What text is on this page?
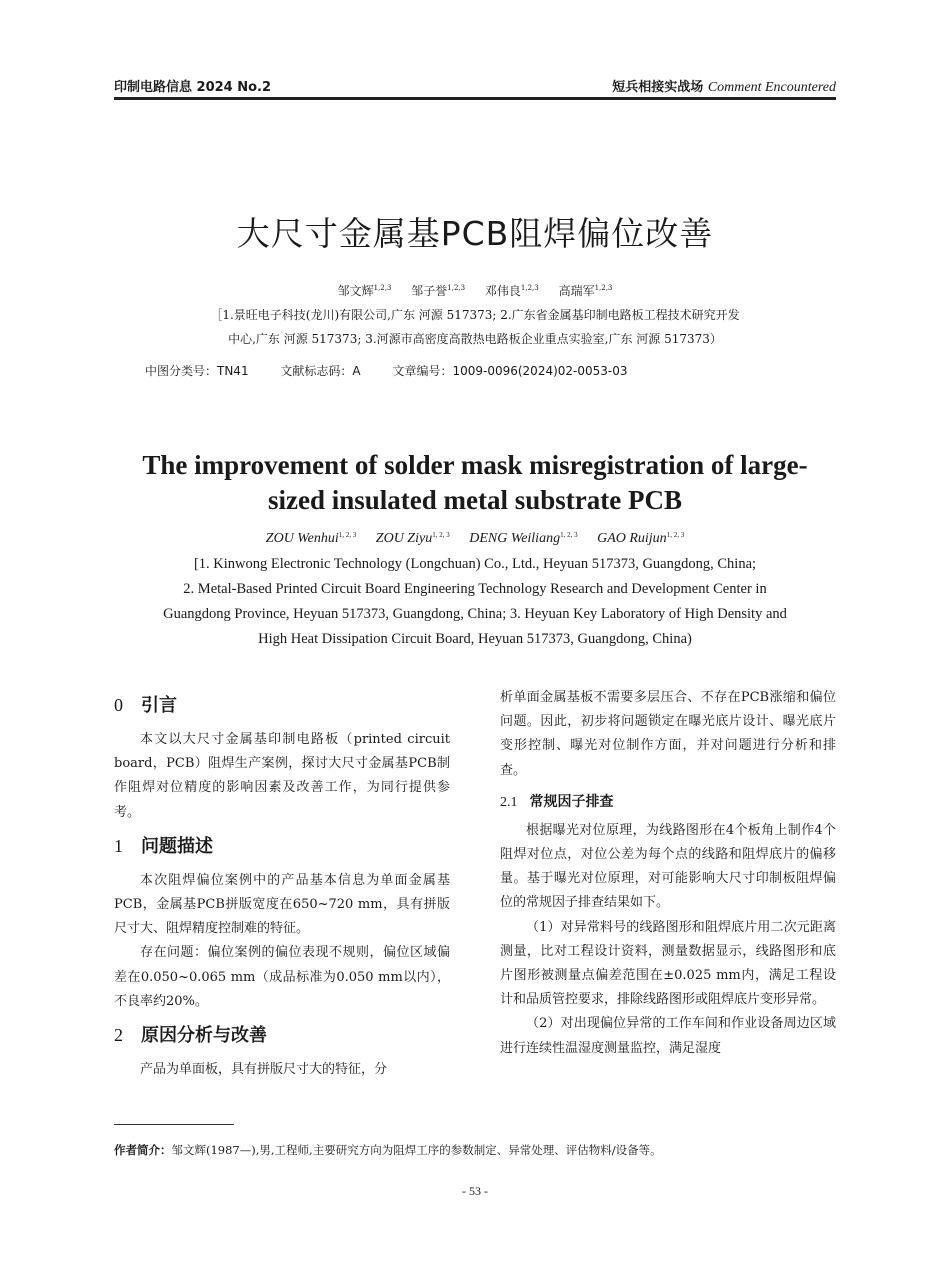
印制电路信息 2024 No.2	短兵相接实战场 Comment Encountered
大尺寸金属基PCB阻焊偏位改善
邹文辉$^{1,2,3}$ 邹子誉$^{1,2,3}$ 邓伟良$^{1,2,3}$ 高瑞军$^{1,2,3}$
［1.景旺电子科技(龙川)有限公司,广东 河源 517373; 2.广东省金属基印制电路板工程技术研究开发
中心,广东 河源 517373; 3.河源市高密度高散热电路板企业重点实验室,广东 河源 517373）
中图分类号：TN41	文献标志码：A	文章编号：1009-0096(2024)02-0053-03
The improvement of solder mask misregistration of large-
sized insulated metal substrate PCB
ZOU Wenhui$^{1, 2, 3}$ ZOU Ziyu$^{1, 2, 3}$ DENG Weiliang$^{1, 2, 3}$ GAO Ruijun$^{1, 2, 3}$
[1. Kinwong Electronic Technology (Longchuan) Co., Ltd., Heyuan 517373, Guangdong, China;
2. Metal-Based Printed Circuit Board Engineering Technology Research and Development Center in
Guangdong Province, Heyuan 517373, Guangdong, China; 3. Heyuan Key Laboratory of High Density and
High Heat Dissipation Circuit Board, Heyuan 517373, Guangdong, China)
0 引言

本文以大尺寸金属基印制电路板（printed circuit board，PCB）阻焊生产案例，探讨大尺寸金属基PCB制作阻焊对位精度的影响因素及改善工作，为同行提供参考。

1 问题描述

本次阻焊偏位案例中的产品基本信息为单面金属基PCB，金属基PCB拼版宽度在650~720 mm，具有拼版尺寸大、阻焊精度控制难的特征。

存在问题：偏位案例的偏位表现不规则，偏位区域偏差在0.050~0.065 mm（成品标准为0.050 mm以内），不良率约20%。

2 原因分析与改善

产品为单面板，具有拼版尺寸大的特征，分

析单面金属基板不需要多层压合、不存在PCB涨缩和偏位问题。因此，初步将问题锁定在曝光底片设计、曝光底片变形控制、曝光对位制作方面，并对问题进行分析和排查。

2.1 常规因子排查

根据曝光对位原理，为线路图形在4个板角上制作4个阻焊对位点，对位公差为每个点的线路和阻焊底片的偏移量。基于曝光对位原理，对可能影响大尺寸印制板阻焊偏位的常规因子排查结果如下。

（1）对异常料号的线路图形和阻焊底片用二次元距离测量，比对工程设计资料，测量数据显示，线路图形和底片图形被测量点偏差范围在±0.025 mm内，满足工程设计和品质管控要求，排除线路图形或阻焊底片变形异常。

（2）对出现偏位异常的工作车间和作业设备周边区域进行连续性温湿度测量监控，满足湿度

作者简介：邹文辉(1987—),男,工程师,主要研究方向为阻焊工序的参数制定、异常处理、评估物料/设备等。
- 53 -
